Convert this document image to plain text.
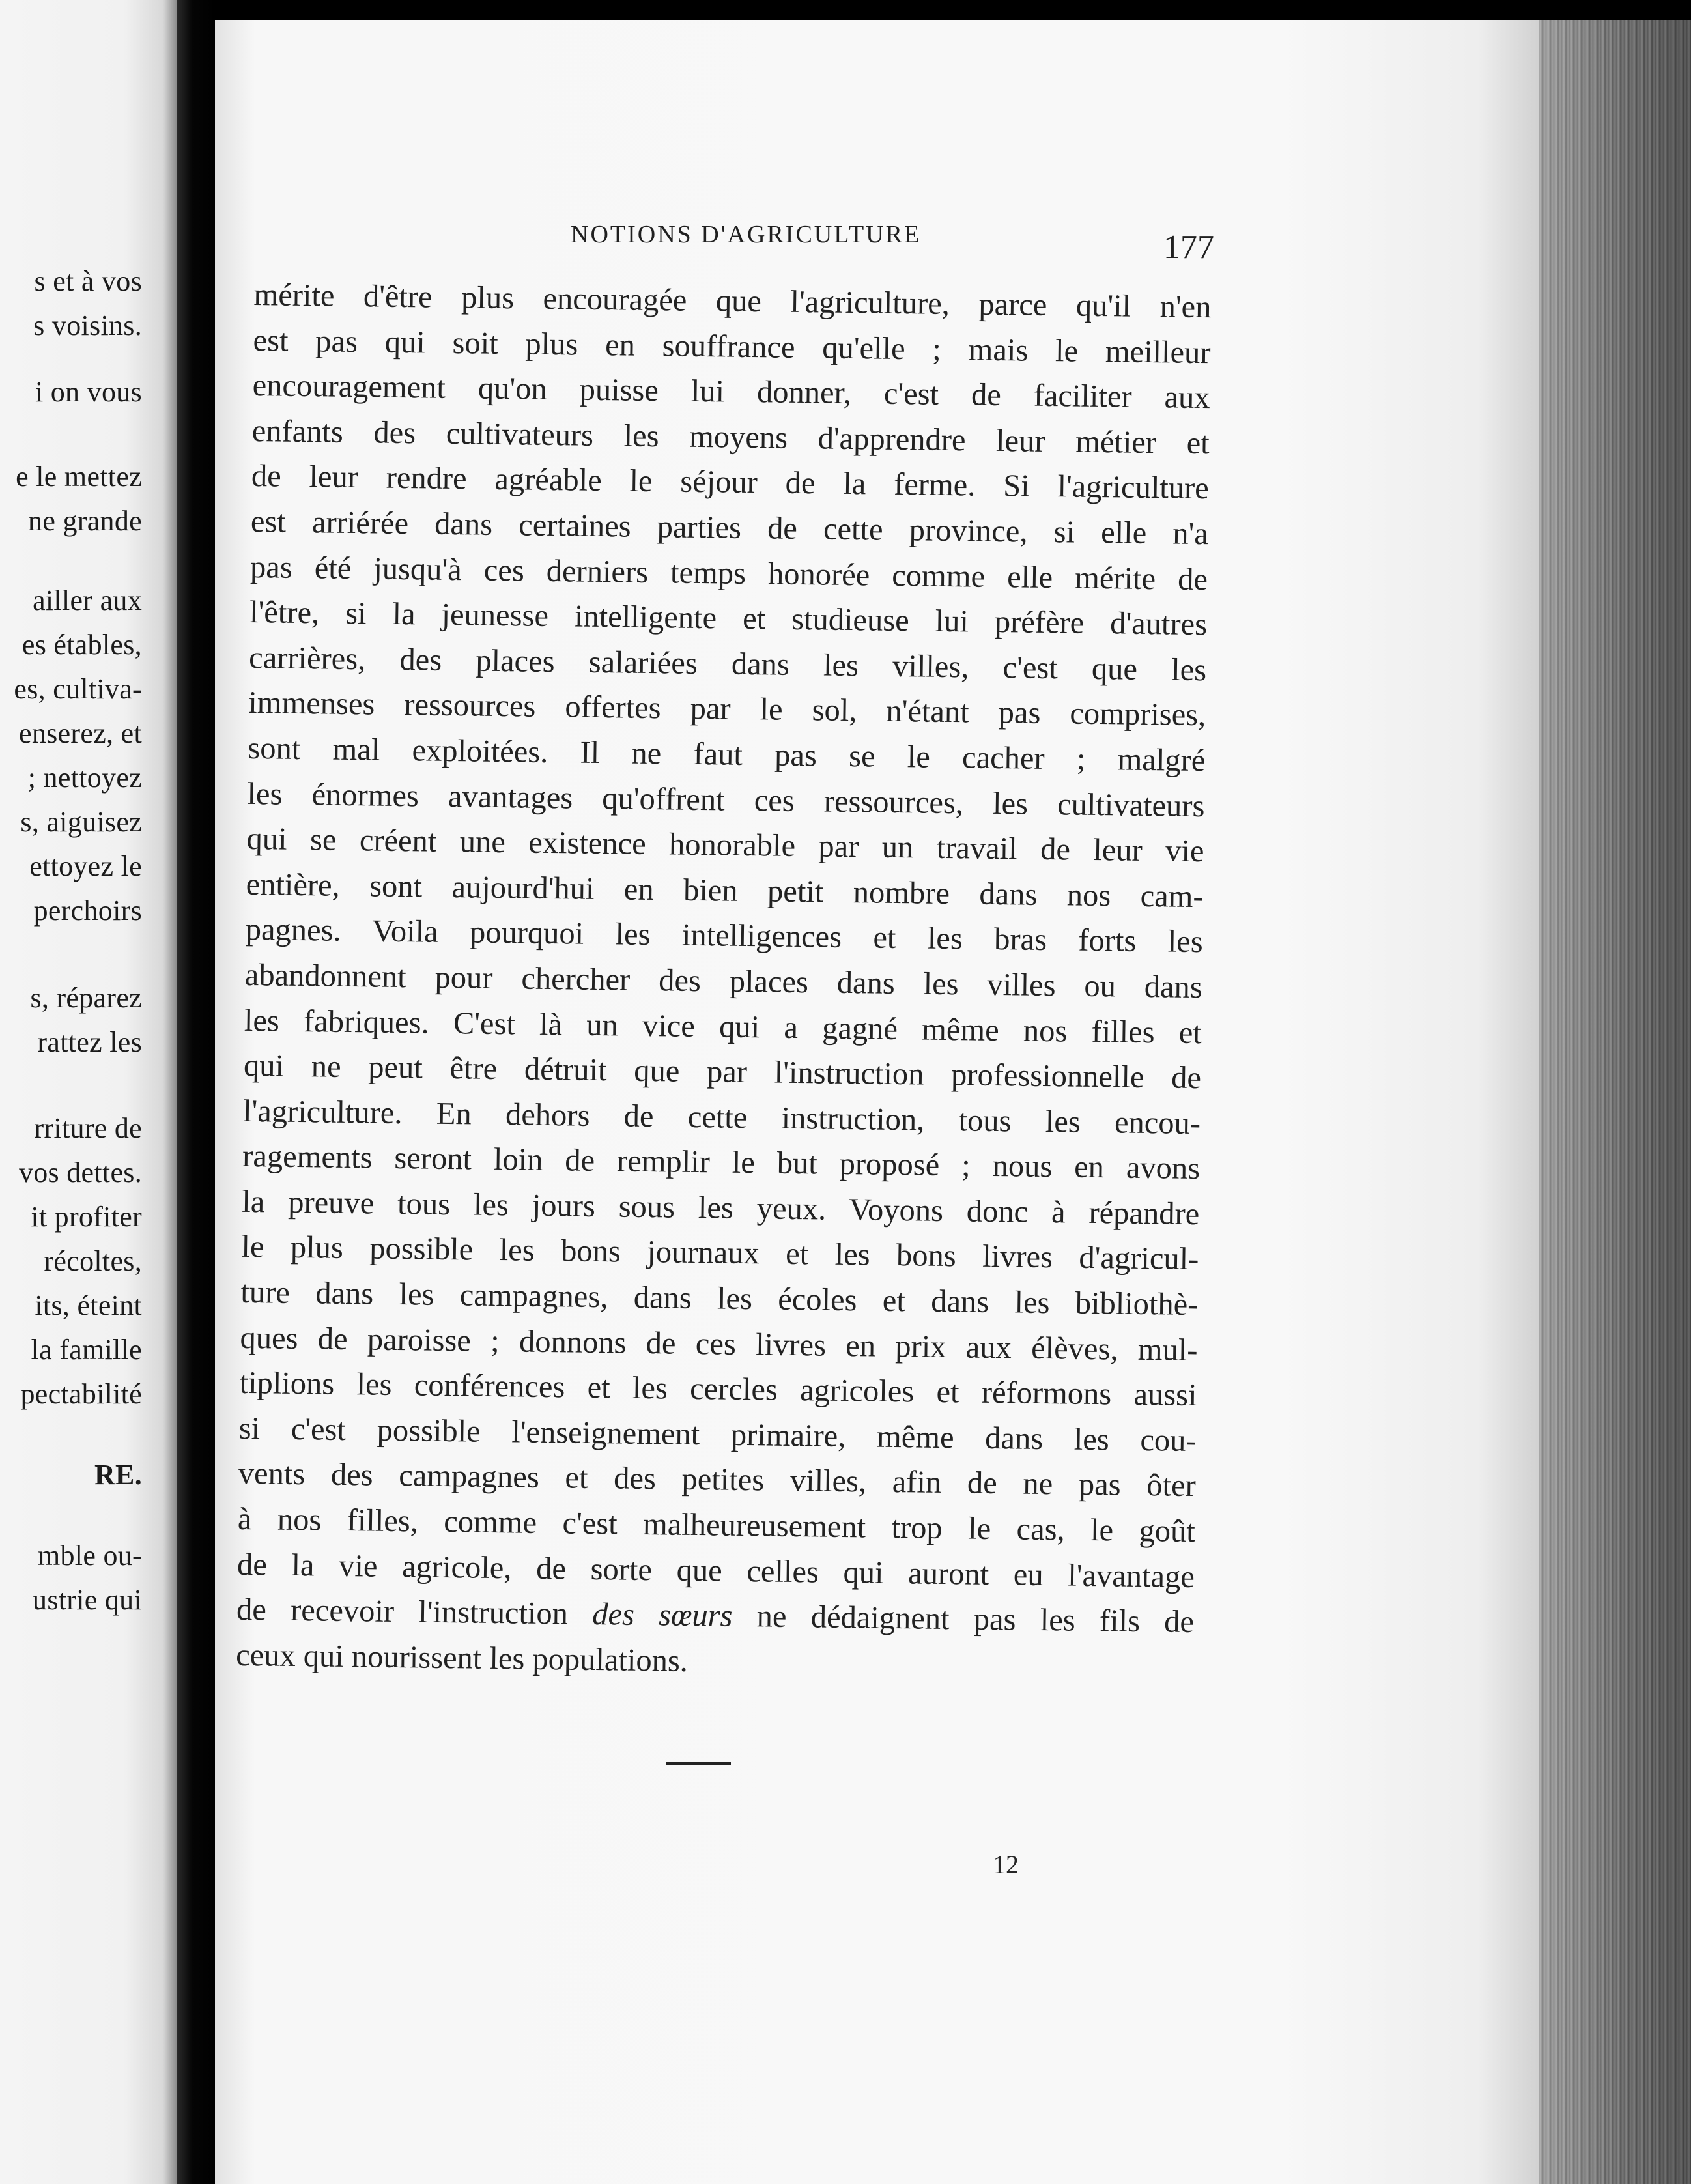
s et à vos
s voisins.
i on vous
e le mettez
ne grande
ailler aux
es étables,
es, cultiva-
enserez, et
; nettoyez
s, aiguisez
ettoyez le
perchoirs
s, réparez
rattez les
rriture de
vos dettes.
it profiter
récoltes,
its, éteint
la famille
pectabilité
RE.
mble ou-
ustrie qui
NOTIONS D'AGRICULTURE	177
mérite d'être plus encouragée que l'agriculture, parce qu'il n'en
est pas qui soit plus en souffrance qu'elle ; mais le meilleur
encouragement qu'on puisse lui donner, c'est de faciliter aux
enfants des cultivateurs les moyens d'apprendre leur métier et
de leur rendre agréable le séjour de la ferme. Si l'agriculture
est arriérée dans certaines parties de cette province, si elle n'a
pas été jusqu'à ces derniers temps honorée comme elle mérite de
l'être, si la jeunesse intelligente et studieuse lui préfère d'autres
carrières, des places salariées dans les villes, c'est que les
immenses ressources offertes par le sol, n'étant pas comprises,
sont mal exploitées. Il ne faut pas se le cacher ; malgré
les énormes avantages qu'offrent ces ressources, les cultivateurs
qui se créent une existence honorable par un travail de leur vie
entière, sont aujourd'hui en bien petit nombre dans nos cam-
pagnes. Voila pourquoi les intelligences et les bras forts les
abandonnent pour chercher des places dans les villes ou dans
les fabriques. C'est là un vice qui a gagné même nos filles et
qui ne peut être détruit que par l'instruction professionnelle de
l'agriculture. En dehors de cette instruction, tous les encou-
ragements seront loin de remplir le but proposé ; nous en avons
la preuve tous les jours sous les yeux. Voyons donc à répandre
le plus possible les bons journaux et les bons livres d'agricul-
ture dans les campagnes, dans les écoles et dans les bibliothè-
ques de paroisse ; donnons de ces livres en prix aux élèves, mul-
tiplions les conférences et les cercles agricoles et réformons aussi
si c'est possible l'enseignement primaire, même dans les cou-
vents des campagnes et des petites villes, afin de ne pas ôter
à nos filles, comme c'est malheureusement trop le cas, le goût
de la vie agricole, de sorte que celles qui auront eu l'avantage
de recevoir l'instruction des sœurs ne dédaignent pas les fils de
ceux qui nourissent les populations.
12
